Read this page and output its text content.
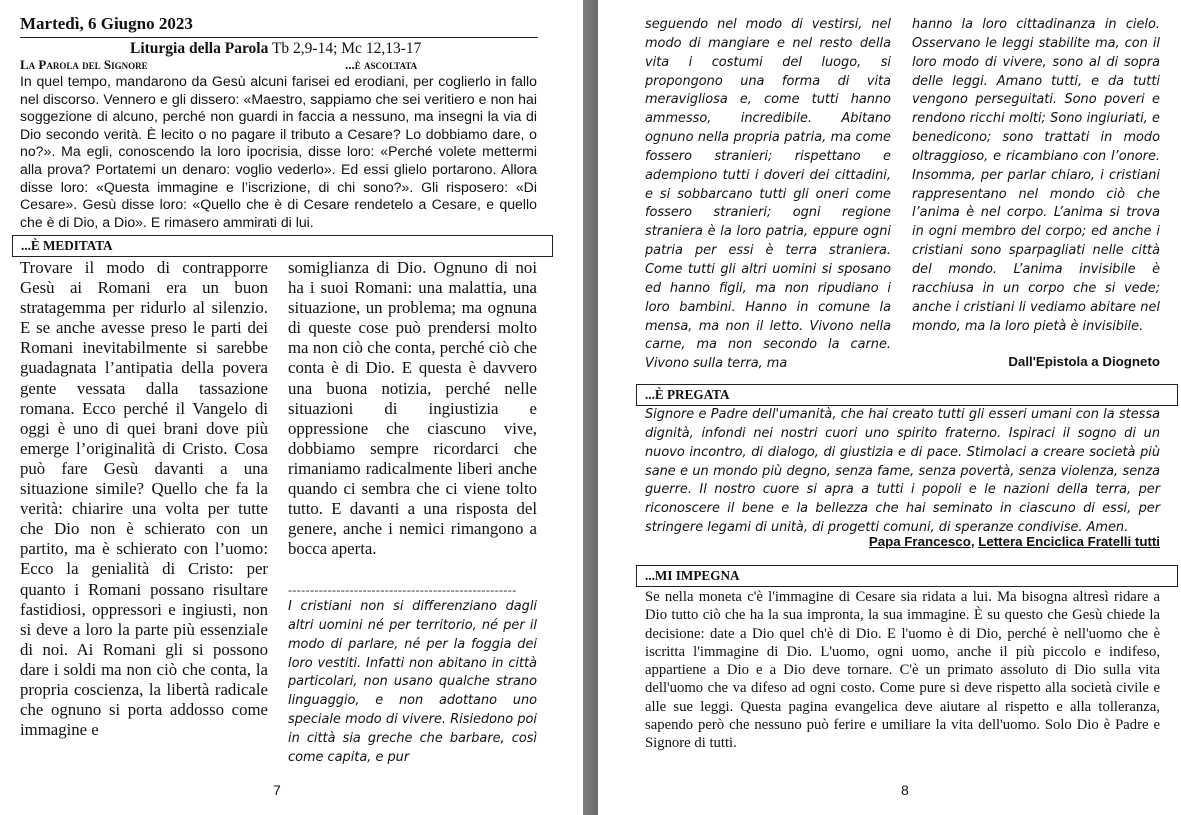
Martedì, 6 Giugno 2023
Liturgia della Parola Tb 2,9-14; Mc 12,13-17
La Parola del Signore	...è ascoltata
In quel tempo, mandarono da Gesù alcuni farisei ed erodiani, per coglierlo in fallo nel discorso. Vennero e gli dissero: «Maestro, sappiamo che sei veritiero e non hai soggezione di alcuno, perché non guardi in faccia a nessuno, ma insegni la via di Dio secondo verità. È lecito o no pagare il tributo a Cesare? Lo dobbiamo dare, o no?». Ma egli, conoscendo la loro ipocrisia, disse loro: «Perché volete mettermi alla prova? Portatemi un denaro: voglio vederlo». Ed essi glielo portarono. Allora disse loro: «Questa immagine e l’iscrizione, di chi sono?». Gli risposero: «Di Cesare». Gesù disse loro: «Quello che è di Cesare rendetelo a Cesare, e quello che è di Dio, a Dio». E rimasero ammirati di lui.
...È MEDITATA
Trovare il modo di contrapporre Gesù ai Romani era un buon stratagemma per ridurlo al silenzio. E se anche avesse preso le parti dei Romani inevitabilmente si sarebbe guadagnata l’antipatia della povera gente vessata dalla tassazione romana. Ecco perché il Vangelo di oggi è uno di quei brani dove più emerge l’originalità di Cristo. Cosa può fare Gesù davanti a una situazione simile? Quello che fa la verità: chiarire una volta per tutte che Dio non è schierato con un partito, ma è schierato con l’uomo: Ecco la genialità di Cristo: per quanto i Romani possano risultare fastidiosi, oppressori e ingiusti, non si deve a loro la parte più essenziale di noi. Ai Romani gli si possono dare i soldi ma non ciò che conta, la propria coscienza, la libertà radicale che ognuno si porta addosso come immagine e
somiglianza di Dio. Ognuno di noi ha i suoi Romani: una malattia, una situazione, un problema; ma ognuna di queste cose può prendersi molto ma non ciò che conta, perché ciò che conta è di Dio. E questa è davvero una buona notizia, perché nelle situazioni di ingiustizia e oppressione che ciascuno vive, dobbiamo sempre ricordarci che rimaniamo radicalmente liberi anche quando ci sembra che ci viene tolto tutto. E davanti a una risposta del genere, anche i nemici rimangono a bocca aperta.
----------------------------------------------------
I cristiani non si differenziano dagli altri uomini né per territorio, né per il modo di parlare, né per la foggia dei loro vestiti. Infatti non abitano in città particolari, non usano qualche strano linguaggio, e non adottano uno speciale modo di vivere. Risiedono poi in città sia greche che barbare, così come capita, e pur
7
seguendo nel modo di vestirsi, nel modo di mangiare e nel resto della vita i costumi del luogo, si propongono una forma di vita meravigliosa e, come tutti hanno ammesso, incredibile. Abitano ognuno nella propria patria, ma come fossero stranieri; rispettano e adempiono tutti i doveri dei cittadini, e si sobbarcano tutti gli oneri come fossero stranieri; ogni regione straniera è la loro patria, eppure ogni patria per essi è terra straniera. Come tutti gli altri uomini si sposano ed hanno figli, ma non ripudiano i loro bambini. Hanno in comune la mensa, ma non il letto. Vivono nella carne, ma non secondo la carne. Vivono sulla terra, ma
hanno la loro cittadinanza in cielo. Osservano le leggi stabilite ma, con il loro modo di vivere, sono al di sopra delle leggi. Amano tutti, e da tutti vengono perseguitati. Sono poveri e rendono ricchi molti; Sono ingiuriati, e benedicono; sono trattati in modo oltraggioso, e ricambiano con l’onore. Insomma, per parlar chiaro, i cristiani rappresentano nel mondo ciò che l’anima è nel corpo. L’anima si trova in ogni membro del corpo; ed anche i cristiani sono sparpagliati nelle città del mondo. L’anima invisibile è racchiusa in un corpo che si vede; anche i cristiani li vediamo abitare nel mondo, ma la loro pietà è invisibile.
Dall'Epistola a Diogneto
...È PREGATA
Signore e Padre dell'umanità, che hai creato tutti gli esseri umani con la stessa dignità, infondi nei nostri cuori uno spirito fraterno. Ispiraci il sogno di un nuovo incontro, di dialogo, di giustizia e di pace. Stimolaci a creare società più sane e un mondo più degno, senza fame, senza povertà, senza violenza, senza guerre. Il nostro cuore si apra a tutti i popoli e le nazioni della terra, per riconoscere il bene e la bellezza che hai seminato in ciascuno di essi, per stringere legami di unità, di progetti comuni, di speranze condivise. Amen.
Papa Francesco, Lettera Enciclica Fratelli tutti
...MI IMPEGNA
Se nella moneta c'è l'immagine di Cesare sia ridata a lui. Ma bisogna altresì ridare a Dio tutto ciò che ha la sua impronta, la sua immagine. È su questo che Gesù chiede la decisione: date a Dio quel ch'è di Dio. E l'uomo è di Dio, perché è nell'uomo che è iscritta l'immagine di Dio. L'uomo, ogni uomo, anche il più piccolo e indifeso, appartiene a Dio e a Dio deve tornare. C'è un primato assoluto di Dio sulla vita dell'uomo che va difeso ad ogni costo. Come pure si deve rispetto alla società civile e alle sue leggi. Questa pagina evangelica deve aiutare al rispetto e alla tolleranza, sapendo però che nessuno può ferire e umiliare la vita dell'uomo. Solo Dio è Padre e Signore di tutti.
8
